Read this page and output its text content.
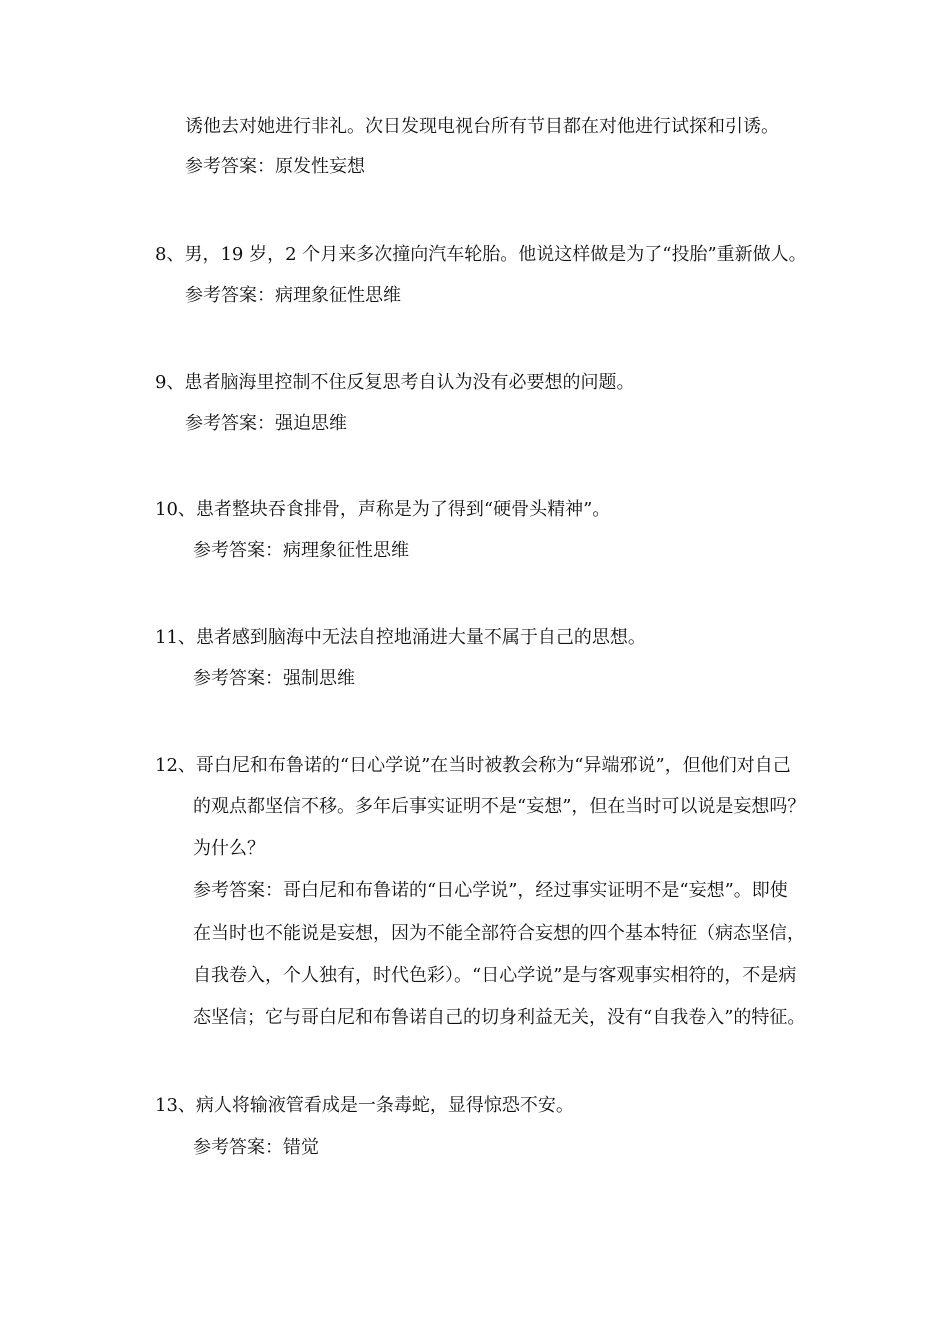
诱他去对她进行非礼。次日发现电视台所有节目都在对他进行试探和引诱。
参考答案：原发性妄想
8、男，19 岁，2 个月来多次撞向汽车轮胎。他说这样做是为了“投胎”重新做人。
参考答案：病理象征性思维
9、患者脑海里控制不住反复思考自认为没有必要想的问题。
参考答案：强迫思维
10、患者整块吞食排骨，声称是为了得到“硬骨头精神”。
参考答案：病理象征性思维
11、患者感到脑海中无法自控地涌进大量不属于自己的思想。
参考答案：强制思维
12、哥白尼和布鲁诺的“日心学说”在当时被教会称为“异端邪说”，但他们对自己
的观点都坚信不移。多年后事实证明不是“妄想”，但在当时可以说是妄想吗？
为什么？
参考答案：哥白尼和布鲁诺的“日心学说”，经过事实证明不是“妄想”。即使
在当时也不能说是妄想，因为不能全部符合妄想的四个基本特征（病态坚信，
自我卷入，个人独有，时代色彩）。“日心学说”是与客观事实相符的，不是病
态坚信；它与哥白尼和布鲁诺自己的切身利益无关，没有“自我卷入”的特征。
13、病人将输液管看成是一条毒蛇，显得惊恐不安。
参考答案：错觉
